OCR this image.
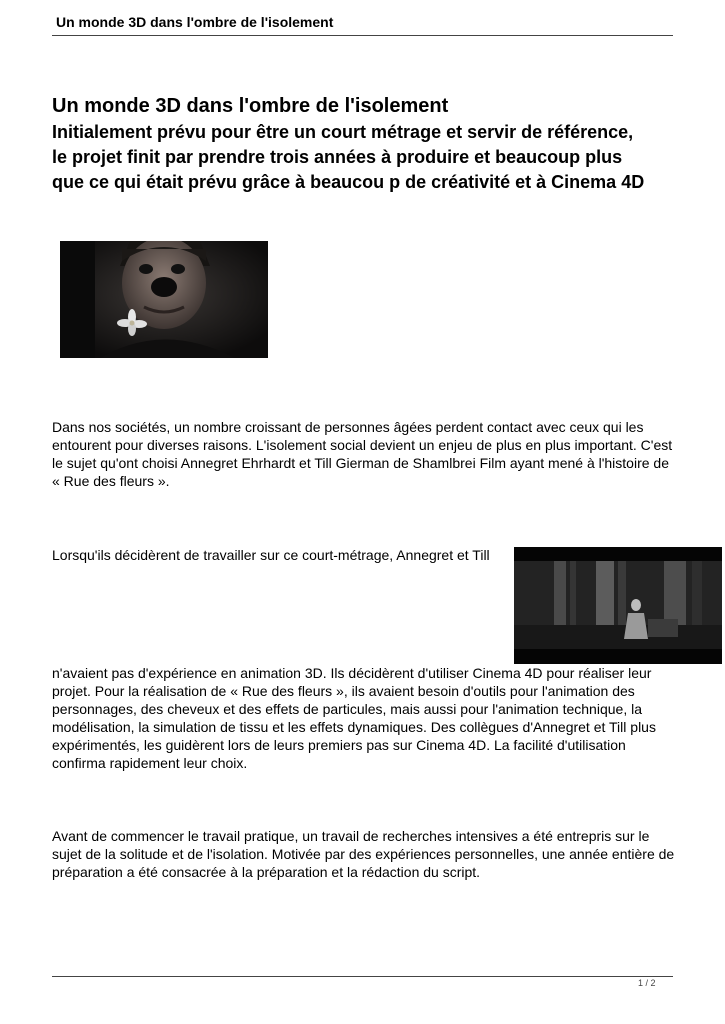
Un monde 3D dans l'ombre de l'isolement
Un monde 3D dans l'ombre de l'isolement
Initialement prévu pour être un court métrage et servir de référence, le projet finit par prendre trois années à produire et beaucoup plus que ce qui était prévu grâce à beaucou p de créativité et à Cinema 4D

Dans nos sociétés, un nombre croissant de personnes âgées perdent contact avec ceux qui les entourent pour diverses raisons. L'isolement social devient un enjeu de plus en plus important. C'est le sujet qu'ont choisi Annegret Ehrhardt et Till Gierman de Shamlbrei Film ayant mené à l'histoire de « Rue des fleurs ».

Lorsqu'ils décidèrent de travailler sur ce court-métrage, Annegret et Till

n'avaient pas d'expérience en animation 3D. Ils décidèrent d'utiliser Cinema 4D pour réaliser leur projet. Pour la réalisation de « Rue des fleurs », ils avaient besoin d'outils pour l'animation des personnages, des cheveux et des effets de particules, mais aussi pour l'animation technique, la modélisation, la simulation de tissu et les effets dynamiques. Des collègues d'Annegret et Till plus expérimentés, les guidèrent lors de leurs premiers pas sur Cinema 4D. La facilité d'utilisation confirma rapidement leur choix.

Avant de commencer le travail pratique, un travail de recherches intensives a été entrepris sur le sujet de la solitude et de l'isolation. Motivée par des expériences personnelles, une année entière de préparation a été consacrée à la préparation et la rédaction du script.

1 / 2
